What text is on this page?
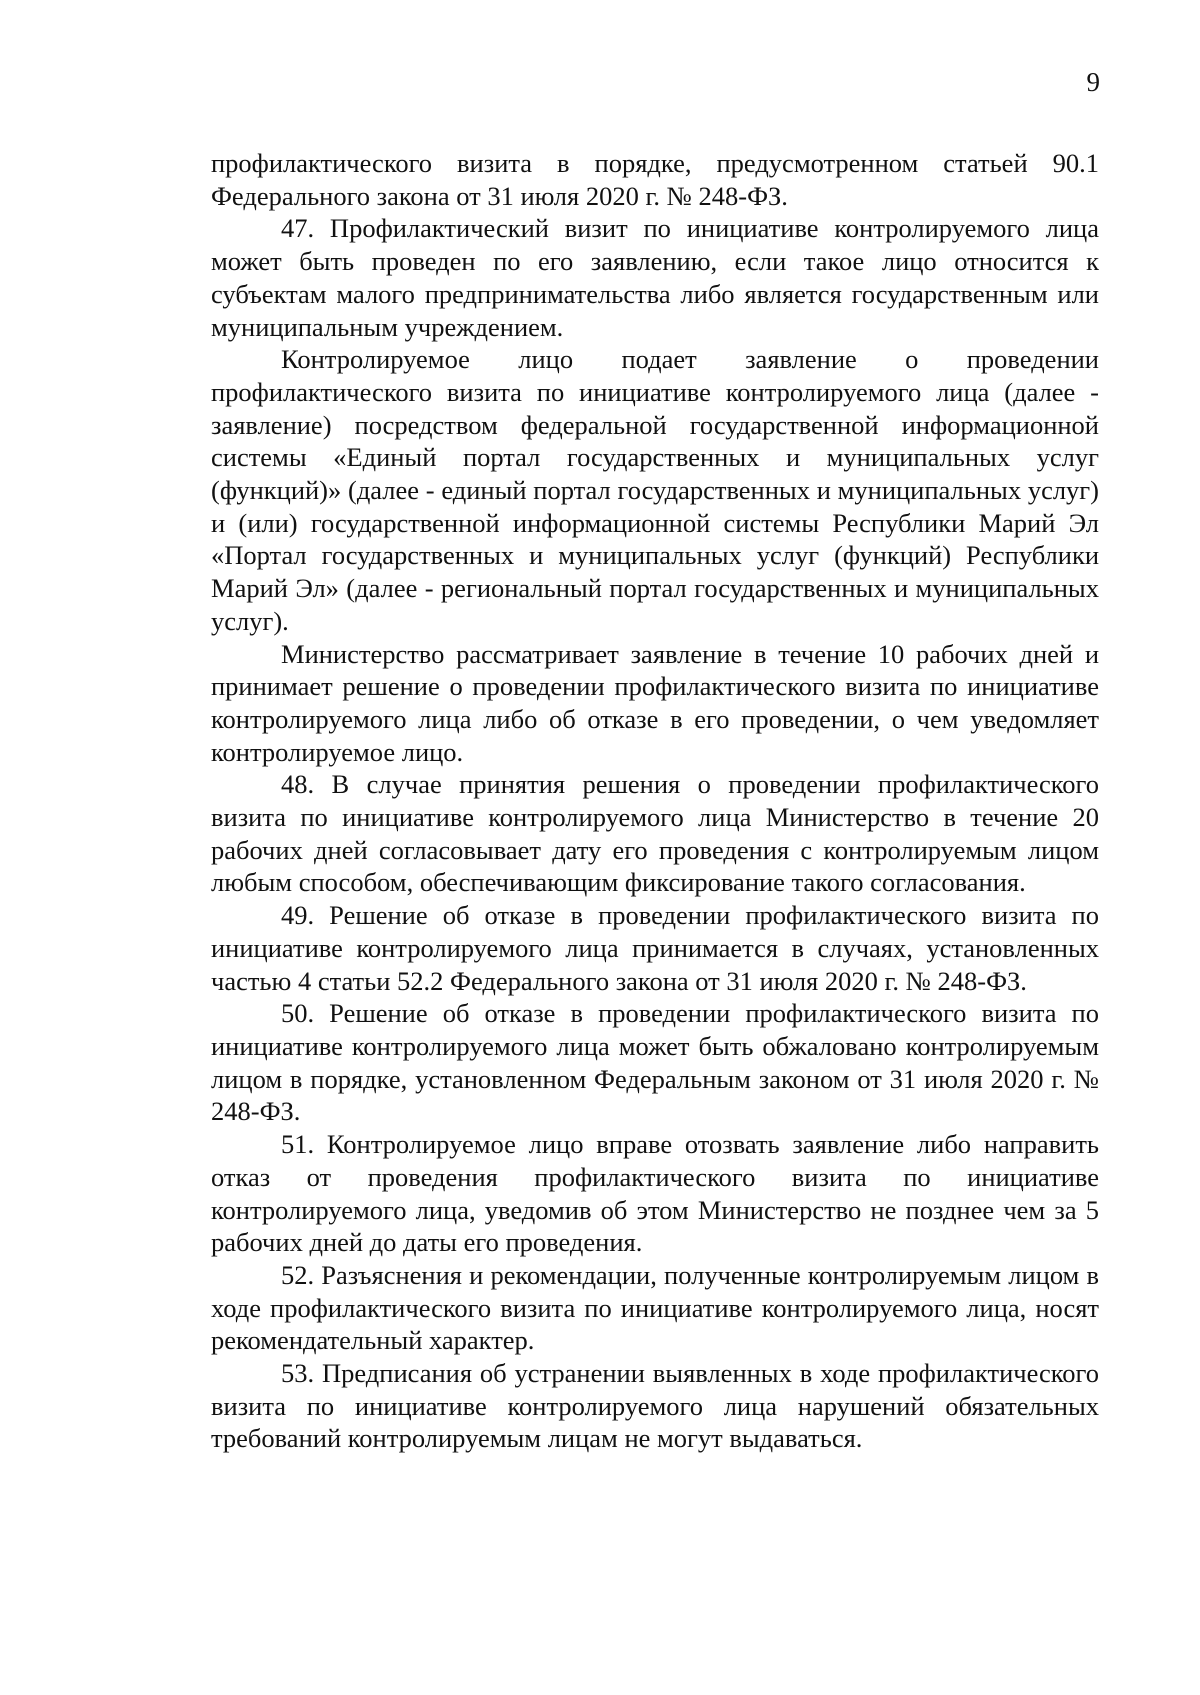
9

профилактического визита в порядке, предусмотренном статьей 90.1 Федерального закона от 31 июля 2020 г. № 248-ФЗ.

47. Профилактический визит по инициативе контролируемого лица может быть проведен по его заявлению, если такое лицо относится к субъектам малого предпринимательства либо является государственным или муниципальным учреждением.

Контролируемое лицо подает заявление о проведении профилактического визита по инициативе контролируемого лица (далее - заявление) посредством федеральной государственной информационной системы «Единый портал государственных и муниципальных услуг (функций)» (далее - единый портал государственных и муниципальных услуг) и (или) государственной информационной системы Республики Марий Эл «Портал государственных и муниципальных услуг (функций) Республики Марий Эл» (далее - региональный портал государственных и муниципальных услуг).

Министерство рассматривает заявление в течение 10 рабочих дней и принимает решение о проведении профилактического визита по инициативе контролируемого лица либо об отказе в его проведении, о чем уведомляет контролируемое лицо.

48. В случае принятия решения о проведении профилактического визита по инициативе контролируемого лица Министерство в течение 20 рабочих дней согласовывает дату его проведения с контролируемым лицом любым способом, обеспечивающим фиксирование такого согласования.

49. Решение об отказе в проведении профилактического визита по инициативе контролируемого лица принимается в случаях, установленных частью 4 статьи 52.2 Федерального закона от 31 июля 2020 г. № 248-ФЗ.

50. Решение об отказе в проведении профилактического визита по инициативе контролируемого лица может быть обжаловано контролируемым лицом в порядке, установленном Федеральным законом от 31 июля 2020 г. № 248-ФЗ.

51. Контролируемое лицо вправе отозвать заявление либо направить отказ от проведения профилактического визита по инициативе контролируемого лица, уведомив об этом Министерство не позднее чем за 5 рабочих дней до даты его проведения.

52. Разъяснения и рекомендации, полученные контролируемым лицом в ходе профилактического визита по инициативе контролируемого лица, носят рекомендательный характер.

53. Предписания об устранении выявленных в ходе профилактического визита по инициативе контролируемого лица нарушений обязательных требований контролируемым лицам не могут выдаваться.
